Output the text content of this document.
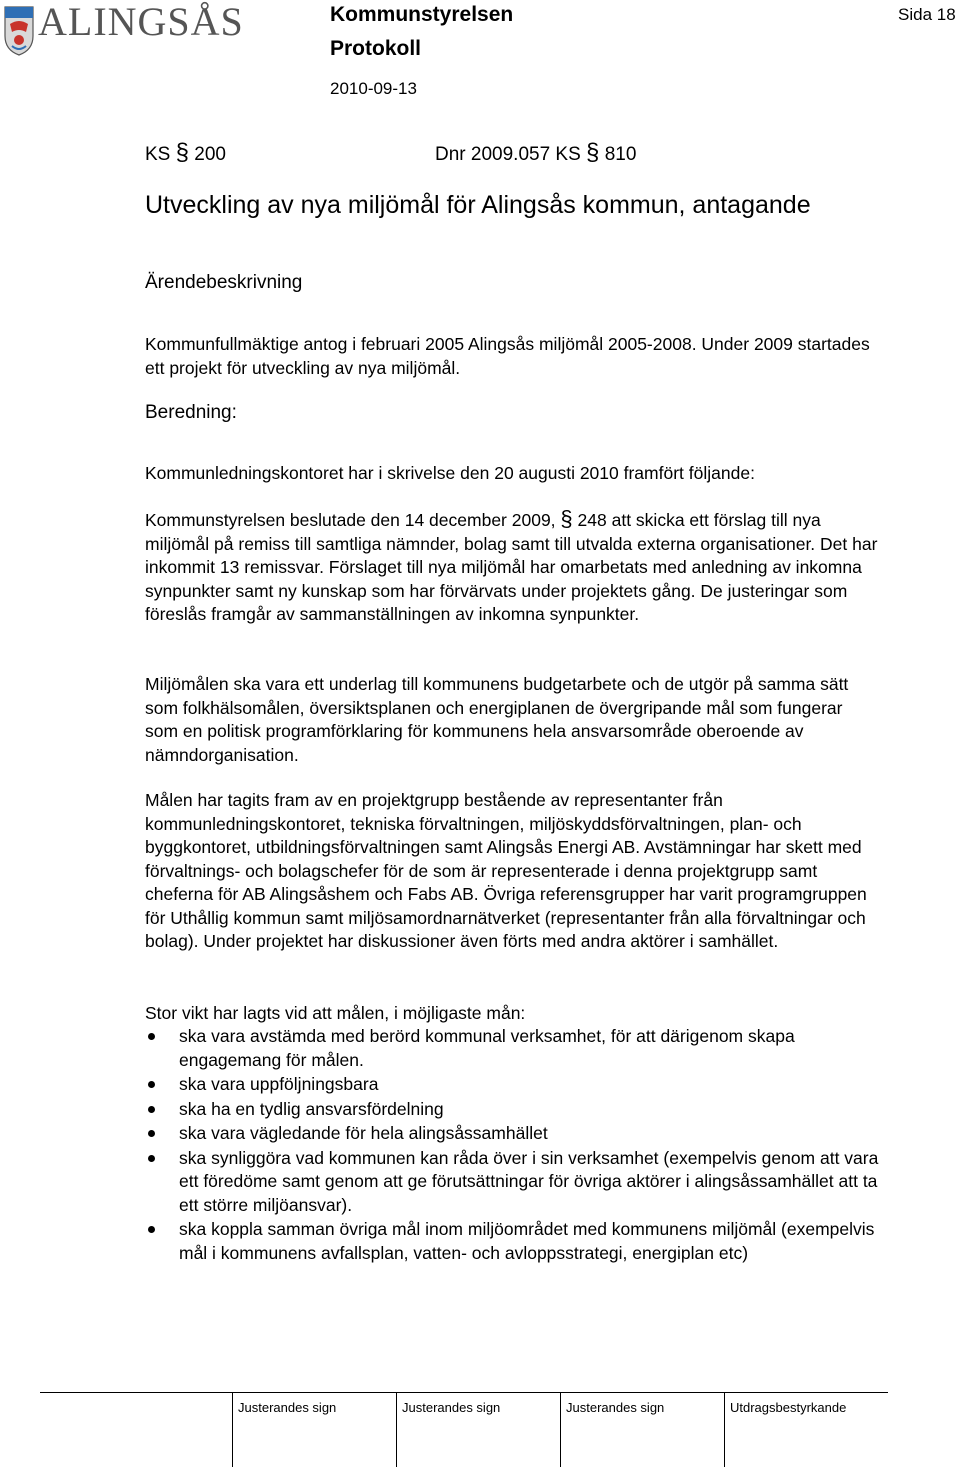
ALINGSÅS	Kommunstyrelsen
Protokoll
2010-09-13
Sida 18
KS § 200	Dnr 2009.057 KS § 810
Utveckling av nya miljömål för Alingsås kommun, antagande
Ärendebeskrivning
Kommunfullmäktige antog i februari 2005 Alingsås miljömål 2005-2008. Under 2009 startades ett projekt för utveckling av nya miljömål.
Beredning:
Kommunledningskontoret har i skrivelse den 20 augusti 2010 framfört följande:
Kommunstyrelsen beslutade den 14 december 2009, § 248 att skicka ett förslag till nya miljömål på remiss till samtliga nämnder, bolag samt till utvalda externa organisationer. Det har inkommit 13 remissvar. Förslaget till nya miljömål har omarbetats med anledning av inkomna synpunkter samt ny kunskap som har förvärvats under projektets gång. De justeringar som föreslås framgår av sammanställningen av inkomna synpunkter.
Miljömålen ska vara ett underlag till kommunens budgetarbete och de utgör på samma sätt som folkhälsomålen, översiktsplanen och energiplanen de övergripande mål som fungerar som en politisk programförklaring för kommunens hela ansvarsområde oberoende av nämndorganisation.
Målen har tagits fram av en projektgrupp bestående av representanter från kommunledningskontoret, tekniska förvaltningen, miljöskyddsförvaltningen, plan- och byggkontoret, utbildningsförvaltningen samt Alingsås Energi AB. Avstämningar har skett med förvaltnings- och bolagschefer för de som är representerade i denna projektgrupp samt cheferna för AB Alingsåshem och Fabs AB. Övriga referensgrupper har varit programgruppen för Uthållig kommun samt miljösamordnarnätverket (representanter från alla förvaltningar och bolag). Under projektet har diskussioner även förts med andra aktörer i samhället.
Stor vikt har lagts vid att målen, i möjligaste mån:
ska vara avstämda med berörd kommunal verksamhet, för att därigenom skapa engagemang för målen.
ska vara uppföljningsbara
ska ha en tydlig ansvarsfördelning
ska vara vägledande för hela alingsåssamhället
ska synliggöra vad kommunen kan råda över i sin verksamhet (exempelvis genom att vara ett föredöme samt genom att ge förutsättningar för övriga aktörer i alingsåssamhället att ta ett större miljöansvar).
ska koppla samman övriga mål inom miljöområdet med kommunens miljömål (exempelvis mål i kommunens avfallsplan, vatten- och avloppsstrategi, energiplan etc)
Justerandes sign	Justerandes sign	Justerandes sign	Utdragsbestyrkande
